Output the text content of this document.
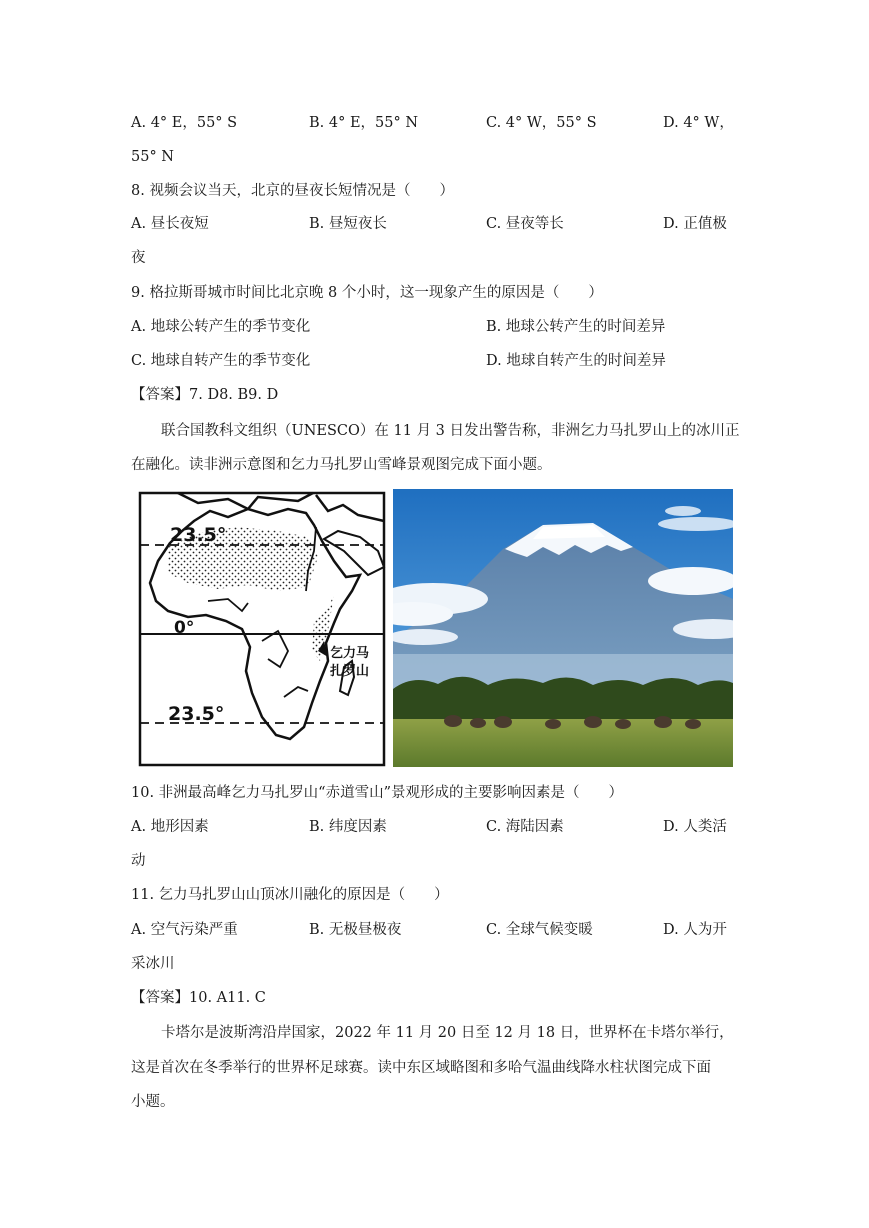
A. 4° E，55° S	B. 4° E，55° N	C. 4° W，55° S	D. 4° W，
55° N
8. 视频会议当天，北京的昼夜长短情况是（　　）
A. 昼长夜短	B. 昼短夜长	C. 昼夜等长	D. 正值极
夜
9. 格拉斯哥城市时间比北京晚 8 个小时，这一现象产生的原因是（　　）
A. 地球公转产生的季节变化	B. 地球公转产生的时间差异
C. 地球自转产生的季节变化	D. 地球自转产生的时间差异
【答案】7. D8. B9. D
联合国教科文组织（UNESCO）在 11 月 3 日发出警告称，非洲乞力马扎罗山上的冰川正
在融化。读非洲示意图和乞力马扎罗山雪峰景观图完成下面小题。
23.5°
0°
23.5°
乞力马
扎罗山
10. 非洲最高峰乞力马扎罗山“赤道雪山”景观形成的主要影响因素是（　　）
A. 地形因素	B. 纬度因素	C. 海陆因素	D. 人类活
动
11. 乞力马扎罗山山顶冰川融化的原因是（　　）
A. 空气污染严重	B. 无极昼极夜	C. 全球气候变暖	D. 人为开
采冰川
【答案】10. A11. C
卡塔尔是波斯湾沿岸国家，2022 年 11 月 20 日至 12 月 18 日，世界杯在卡塔尔举行，
这是首次在冬季举行的世界杯足球赛。读中东区域略图和多哈气温曲线降水柱状图完成下面
小题。
